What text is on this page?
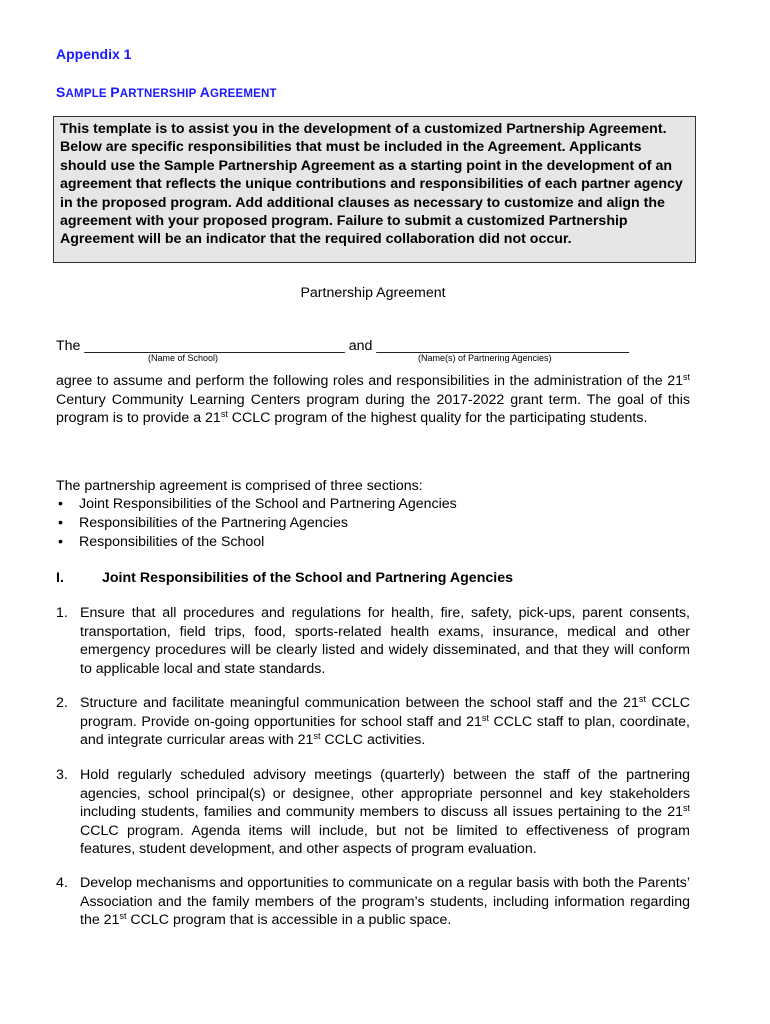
Appendix 1
SAMPLE PARTNERSHIP AGREEMENT
This template is to assist you in the development of a customized Partnership Agreement. Below are specific responsibilities that must be included in the Agreement. Applicants should use the Sample Partnership Agreement as a starting point in the development of an agreement that reflects the unique contributions and responsibilities of each partner agency in the proposed program. Add additional clauses as necessary to customize and align the agreement with your proposed program. Failure to submit a customized Partnership Agreement will be an indicator that the required collaboration did not occur.
Partnership Agreement
The _________________________________ and ________________________________
(Name of School)	(Name(s) of Partnering Agencies)
agree to assume and perform the following roles and responsibilities in the administration of the 21st Century Community Learning Centers program during the 2017-2022 grant term. The goal of this program is to provide a 21st CCLC program of the highest quality for the participating students.
The partnership agreement is comprised of three sections:
• Joint Responsibilities of the School and Partnering Agencies
• Responsibilities of the Partnering Agencies
• Responsibilities of the School
I.	Joint Responsibilities of the School and Partnering Agencies
1. Ensure that all procedures and regulations for health, fire, safety, pick-ups, parent consents, transportation, field trips, food, sports-related health exams, insurance, medical and other emergency procedures will be clearly listed and widely disseminated, and that they will conform to applicable local and state standards.
2. Structure and facilitate meaningful communication between the school staff and the 21st CCLC program. Provide on-going opportunities for school staff and 21st CCLC staff to plan, coordinate, and integrate curricular areas with 21st CCLC activities.
3. Hold regularly scheduled advisory meetings (quarterly) between the staff of the partnering agencies, school principal(s) or designee, other appropriate personnel and key stakeholders including students, families and community members to discuss all issues pertaining to the 21st CCLC program. Agenda items will include, but not be limited to effectiveness of program features, student development, and other aspects of program evaluation.
4. Develop mechanisms and opportunities to communicate on a regular basis with both the Parents’ Association and the family members of the program’s students, including information regarding the 21st CCLC program that is accessible in a public space.
